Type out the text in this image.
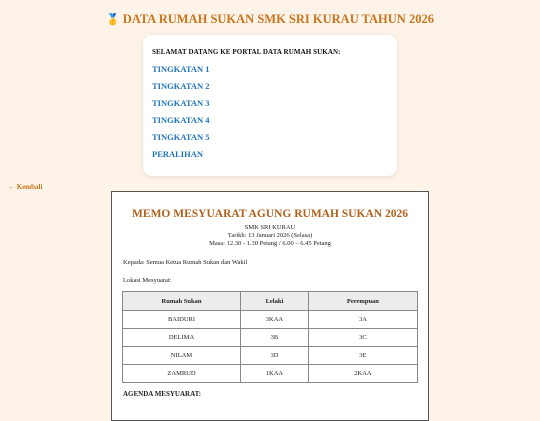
🥇 DATA RUMAH SUKAN SMK SRI KURAU TAHUN 2026
SELAMAT DATANG KE PORTAL DATA RUMAH SUKAN:
TINGKATAN 1
TINGKATAN 2
TINGKATAN 3
TINGKATAN 4
TINGKATAN 5
PERALIHAN
← Kembali
MEMO MESYUARAT AGUNG RUMAH SUKAN 2026
SMK SRI KURAU
Tarikh: 13 Januari 2026 (Selasa)
Masa: 12.30 - 1.30 Petang / 6.00 – 6.45 Petang
Kepada: Semua Ketua Rumah Sukan dan Wakil
Lokasi Mesyuarat:
Rumah Sukan	Lelaki	Perempuan
BAIDURI	3KAA	3A
DELIMA	3B	3C
NILAM	3D	3E
ZAMRUD	1KAA	2KAA
AGENDA MESYUARAT:
